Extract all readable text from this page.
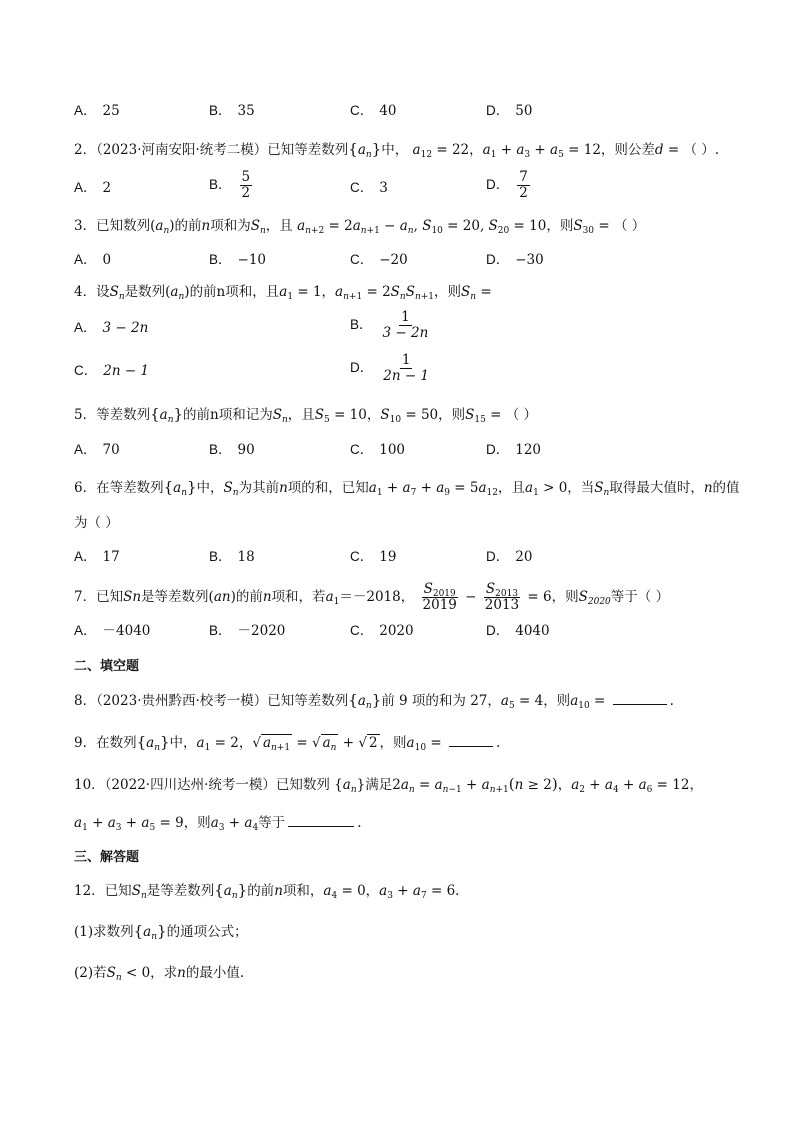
A． 25	B． 35	C． 40	D． 50
2．（2023·河南安阳·统考二模）已知等差数列$\{a_n\}$中， $a_{12} = 22$，$a_1 + a_3 + a_5 = 12$，则公差d = （ ）.
A． 2	B． $\frac{5}{2}$	C． 3	D． $\frac{7}{2}$
3．已知数列$(a_n)$的前n项和为$S_n$，且 $a_{n+2} = 2a_{n+1} - a_n$, $S_{10} = 20$, $S_{20} = 10$，则$S_{30}$ = （ ）
A． 0	B． −10	C． −20	D． −30
4．设$S_n$是数列$(a_n)$的前n项和，且$a_1 = 1$，$a_{n+1} = 2S_nS_{n+1}$，则$S_n$ =
A． 3 − 2n	B． $\frac{1}{3 - 2n}$
C． 2n − 1	D． $\frac{1}{2n - 1}$
5．等差数列$\{a_n\}$的前n项和记为$S_n$，且$S_5 = 10$，$S_{10} = 50$，则$S_{15}$ = （ ）
A． 70	B． 90	C． 100	D． 120
6．在等差数列$\{a_n\}$中，$S_n$为其前n项的和，已知$a_1 + a_7 + a_9 = 5a_{12}$，且$a_1 > 0$，当$S_n$取得最大值时，n的值
为（ ）
A． 17	B． 18	C． 19	D． 20
7．已知Sn是等差数列(an)的前n项和，若$a_1=-2018$， $\frac{S_{2019}}{2019} - \frac{S_{2013}}{2013} = 6$，则$S_{2020}$等于（ ）
A． －4040	B． －2020	C． 2020	D． 4040
二、填空题
8．（2023·贵州黔西·校考一模）已知等差数列$\{a_n\}$前 9 项的和为 27，$a_5 = 4$，则$a_{10}$ =	.
9．在数列$\{a_n\}$中，$a_1 = 2$，√ $a_{n+1}$ = √ $a_n$ + √ 2 ，则$a_{10}$ =	.
10．（2022·四川达州·统考一模）已知数列 $\{a_n\}$满足$2a_n = a_{n-1} + a_{n+1}(n \ge 2)$，$a_2 + a_4 + a_6 = 12$，
$a_1 + a_3 + a_5 = 9$，则$a_3 + a_4$等于	.
三、解答题
12．已知$S_n$是等差数列$\{a_n\}$的前n项和，$a_4 = 0$，$a_3 + a_7 = 6$.
(1)求数列$\{a_n\}$的通项公式；
(2)若$S_n < 0$，求n的最小值.
